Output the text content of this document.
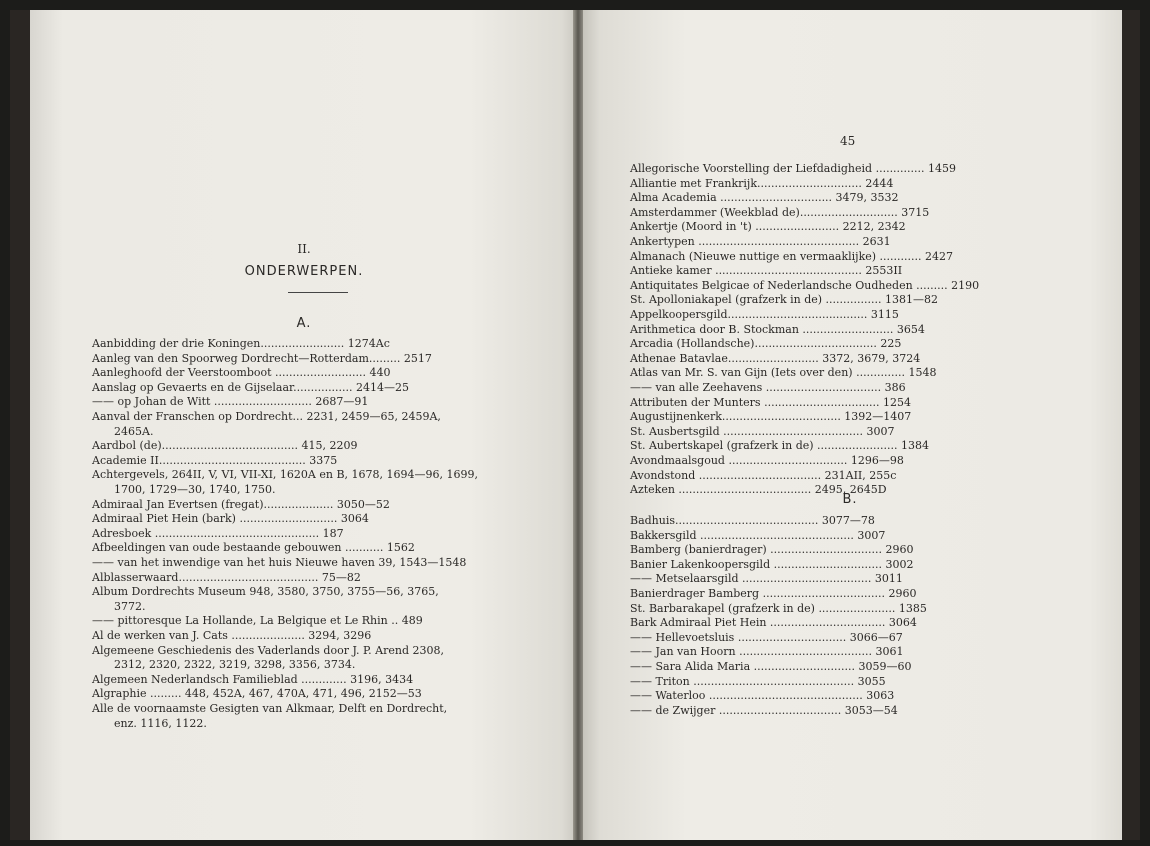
II.
ONDERWERPEN.
A.
Aanbidding der drie Koningen........................ 1274Ac
Aanleg van den Spoorweg Dordrecht—Rotterdam......... 2517
Aanleghoofd der Veerstoomboot .......................... 440
Aanslag op Gevaerts en de Gijselaar................. 2414—25
—— op Johan de Witt ............................ 2687—91
Aanval der Franschen op Dordrecht... 2231, 2459—65, 2459A,
2465A.
Aardbol (de)....................................... 415, 2209
Academie II.......................................... 3375
Achtergevels, 264II, V, VI, VII-XI, 1620A en B, 1678, 1694—96, 1699,
1700, 1729—30, 1740, 1750.
Admiraal Jan Evertsen (fregat).................... 3050—52
Admiraal Piet Hein (bark) ............................ 3064
Adresboek ............................................... 187
Afbeeldingen van oude bestaande gebouwen ........... 1562
—— van het inwendige van het huis Nieuwe haven 39, 1543—1548
Alblasserwaard........................................ 75—82
Album Dordrechts Museum 948, 3580, 3750, 3755—56, 3765,
3772.
—— pittoresque La Hollande, La Belgique et Le Rhin .. 489
Al de werken van J. Cats ..................... 3294, 3296
Algemeene Geschiedenis des Vaderlands door J. P. Arend 2308,
2312, 2320, 2322, 3219, 3298, 3356, 3734.
Algemeen Nederlandsch Familieblad ............. 3196, 3434
Algraphie ......... 448, 452A, 467, 470A, 471, 496, 2152—53
Alle de voornaamste Gesigten van Alkmaar, Delft en Dordrecht,
enz. 1116, 1122.
45
Allegorische Voorstelling der Liefdadigheid .............. 1459
Alliantie met Frankrijk.............................. 2444
Alma Academia ................................ 3479, 3532
Amsterdammer (Weekblad de)............................ 3715
Ankertje (Moord in 't) ........................ 2212, 2342
Ankertypen .............................................. 2631
Almanach (Nieuwe nuttige en vermaaklijke) ............ 2427
Antieke kamer .......................................... 2553II
Antiquitates Belgicae of Nederlandsche Oudheden ......... 2190
St. Apolloniakapel (grafzerk in de) ................ 1381—82
Appelkoopersgild........................................ 3115
Arithmetica door B. Stockman .......................... 3654
Arcadia (Hollandsche)................................... 225
Athenae Batavlae.......................... 3372, 3679, 3724
Atlas van Mr. S. van Gijn (Iets over den) .............. 1548
—— van alle Zeehavens ................................. 386
Attributen der Munters ................................. 1254
Augustijnenkerk.................................. 1392—1407
St. Ausbertsgild ........................................ 3007
St. Aubertskapel (grafzerk in de) ....................... 1384
Avondmaalsgoud .................................. 1296—98
Avondstond ................................... 231AII, 255c
Azteken ...................................... 2495, 2645D
B.
Badhuis......................................... 3077—78
Bakkersgild ............................................ 3007
Bamberg (banierdrager) ................................ 2960
Banier Lakenkoopersgild ............................... 3002
—— Metselaarsgild ..................................... 3011
Banierdrager Bamberg ................................... 2960
St. Barbarakapel (grafzerk in de) ...................... 1385
Bark Admiraal Piet Hein ................................. 3064
—— Hellevoetsluis ............................... 3066—67
—— Jan van Hoorn ...................................... 3061
—— Sara Alida Maria ............................. 3059—60
—— Triton .............................................. 3055
—— Waterloo ............................................ 3063
—— de Zwijger ................................... 3053—54
